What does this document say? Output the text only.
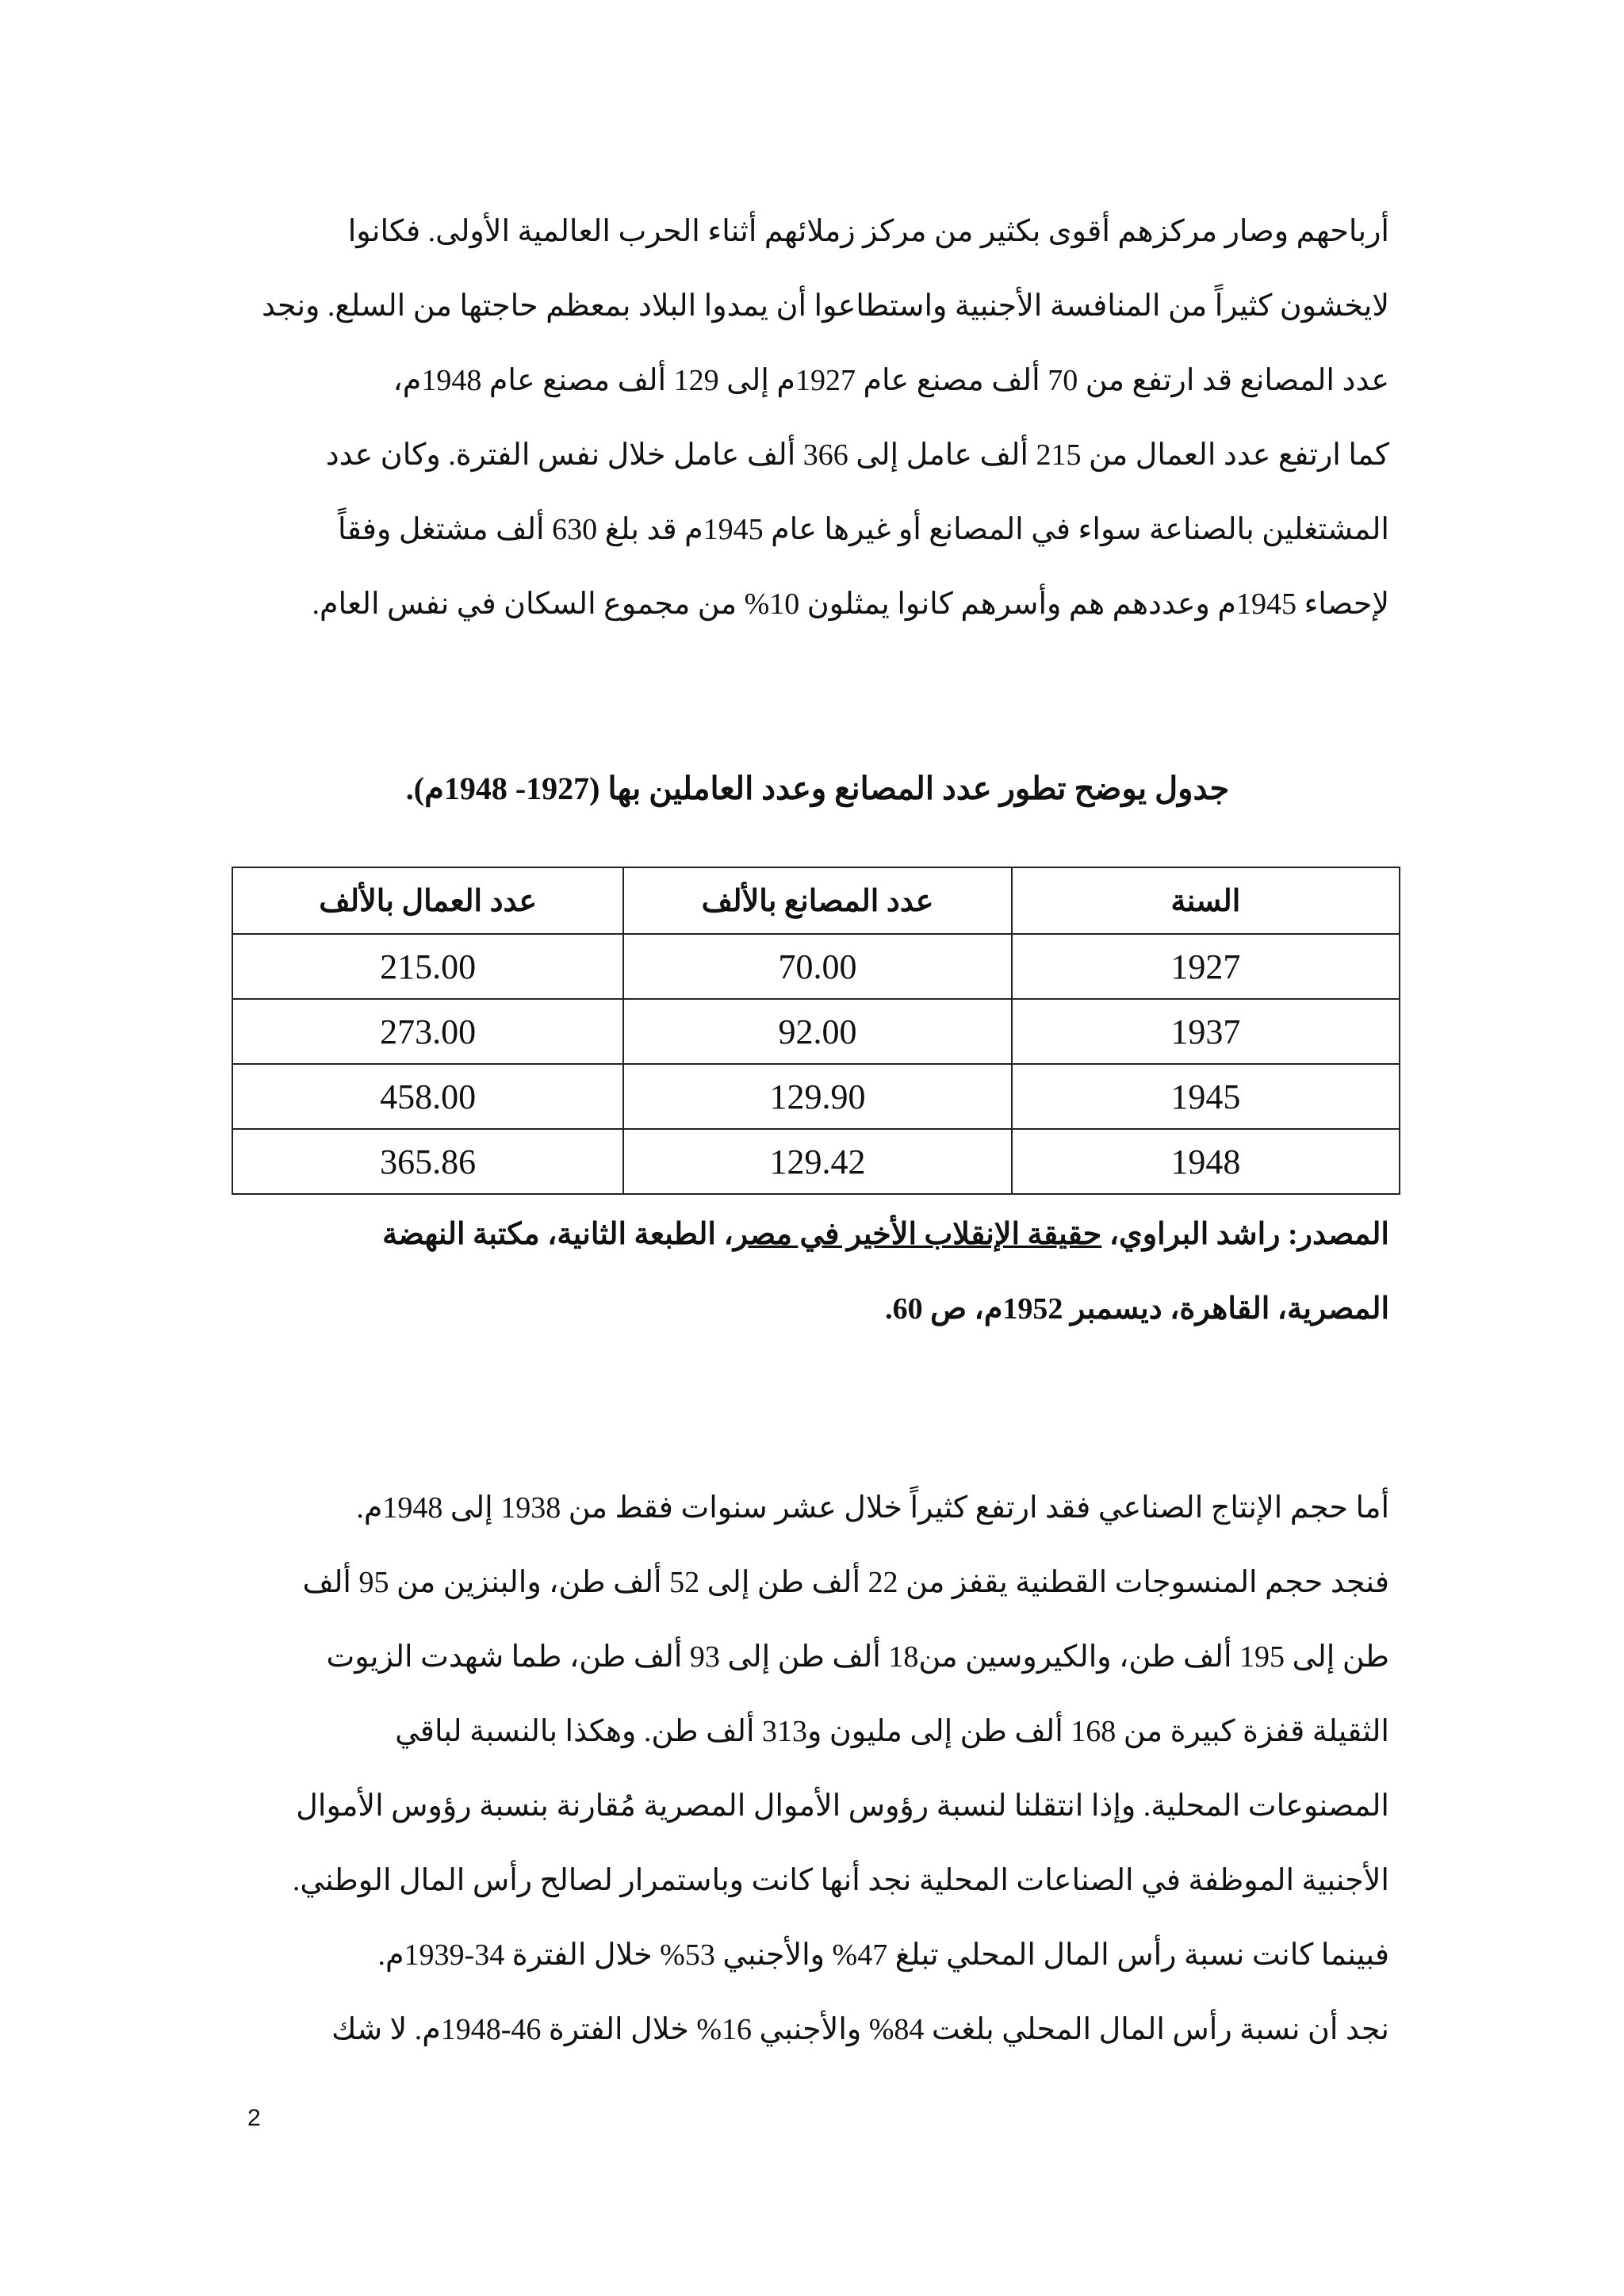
أرباحهم وصار مركزهم أقوى بكثير من مركز زملائهم أثناء الحرب العالمية الأولى. فكانوا
لايخشون كثيراً من المنافسة الأجنبية واستطاعوا أن يمدوا البلاد بمعظم حاجتها من السلع. ونجد
عدد المصانع قد ارتفع من 70 ألف مصنع عام 1927م إلى 129 ألف مصنع عام 1948م،
كما ارتفع عدد العمال من 215 ألف عامل إلى 366 ألف عامل خلال نفس الفترة. وكان عدد
المشتغلين بالصناعة سواء في المصانع أو غيرها عام 1945م قد بلغ 630 ألف مشتغل وفقاً
لإحصاء 1945م وعددهم هم وأسرهم كانوا يمثلون 10% من مجموع السكان في نفس العام.
جدول يوضح تطور عدد المصانع وعدد العاملين بها (1927- 1948م).
السنة	عدد المصانع بالألف	عدد العمال بالألف
1927	70.00	215.00
1937	92.00	273.00
1945	129.90	458.00
1948	129.42	365.86
المصدر: راشد البراوي، حقيقة الإنقلاب الأخير في مصر، الطبعة الثانية، مكتبة النهضة
المصرية، القاهرة، ديسمبر 1952م، ص 60.
أما حجم الإنتاج الصناعي فقد ارتفع كثيراً خلال عشر سنوات فقط من 1938 إلى 1948م.
فنجد حجم المنسوجات القطنية يقفز من 22 ألف طن إلى 52 ألف طن، والبنزين من 95 ألف
طن إلى 195 ألف طن، والكيروسين من18 ألف طن إلى 93 ألف طن، طما شهدت الزيوت
الثقيلة قفزة كبيرة من 168 ألف طن إلى مليون و313 ألف طن. وهكذا بالنسبة لباقي
المصنوعات المحلية. وإذا انتقلنا لنسبة رؤوس الأموال المصرية مُقارنة بنسبة رؤوس الأموال
الأجنبية الموظفة في الصناعات المحلية نجد أنها كانت وباستمرار لصالح رأس المال الوطني.
فبينما كانت نسبة رأس المال المحلي تبلغ 47% والأجنبي 53% خلال الفترة 34-1939م.
نجد أن نسبة رأس المال المحلي بلغت 84% والأجنبي 16% خلال الفترة 46-1948م. لا شك
2
